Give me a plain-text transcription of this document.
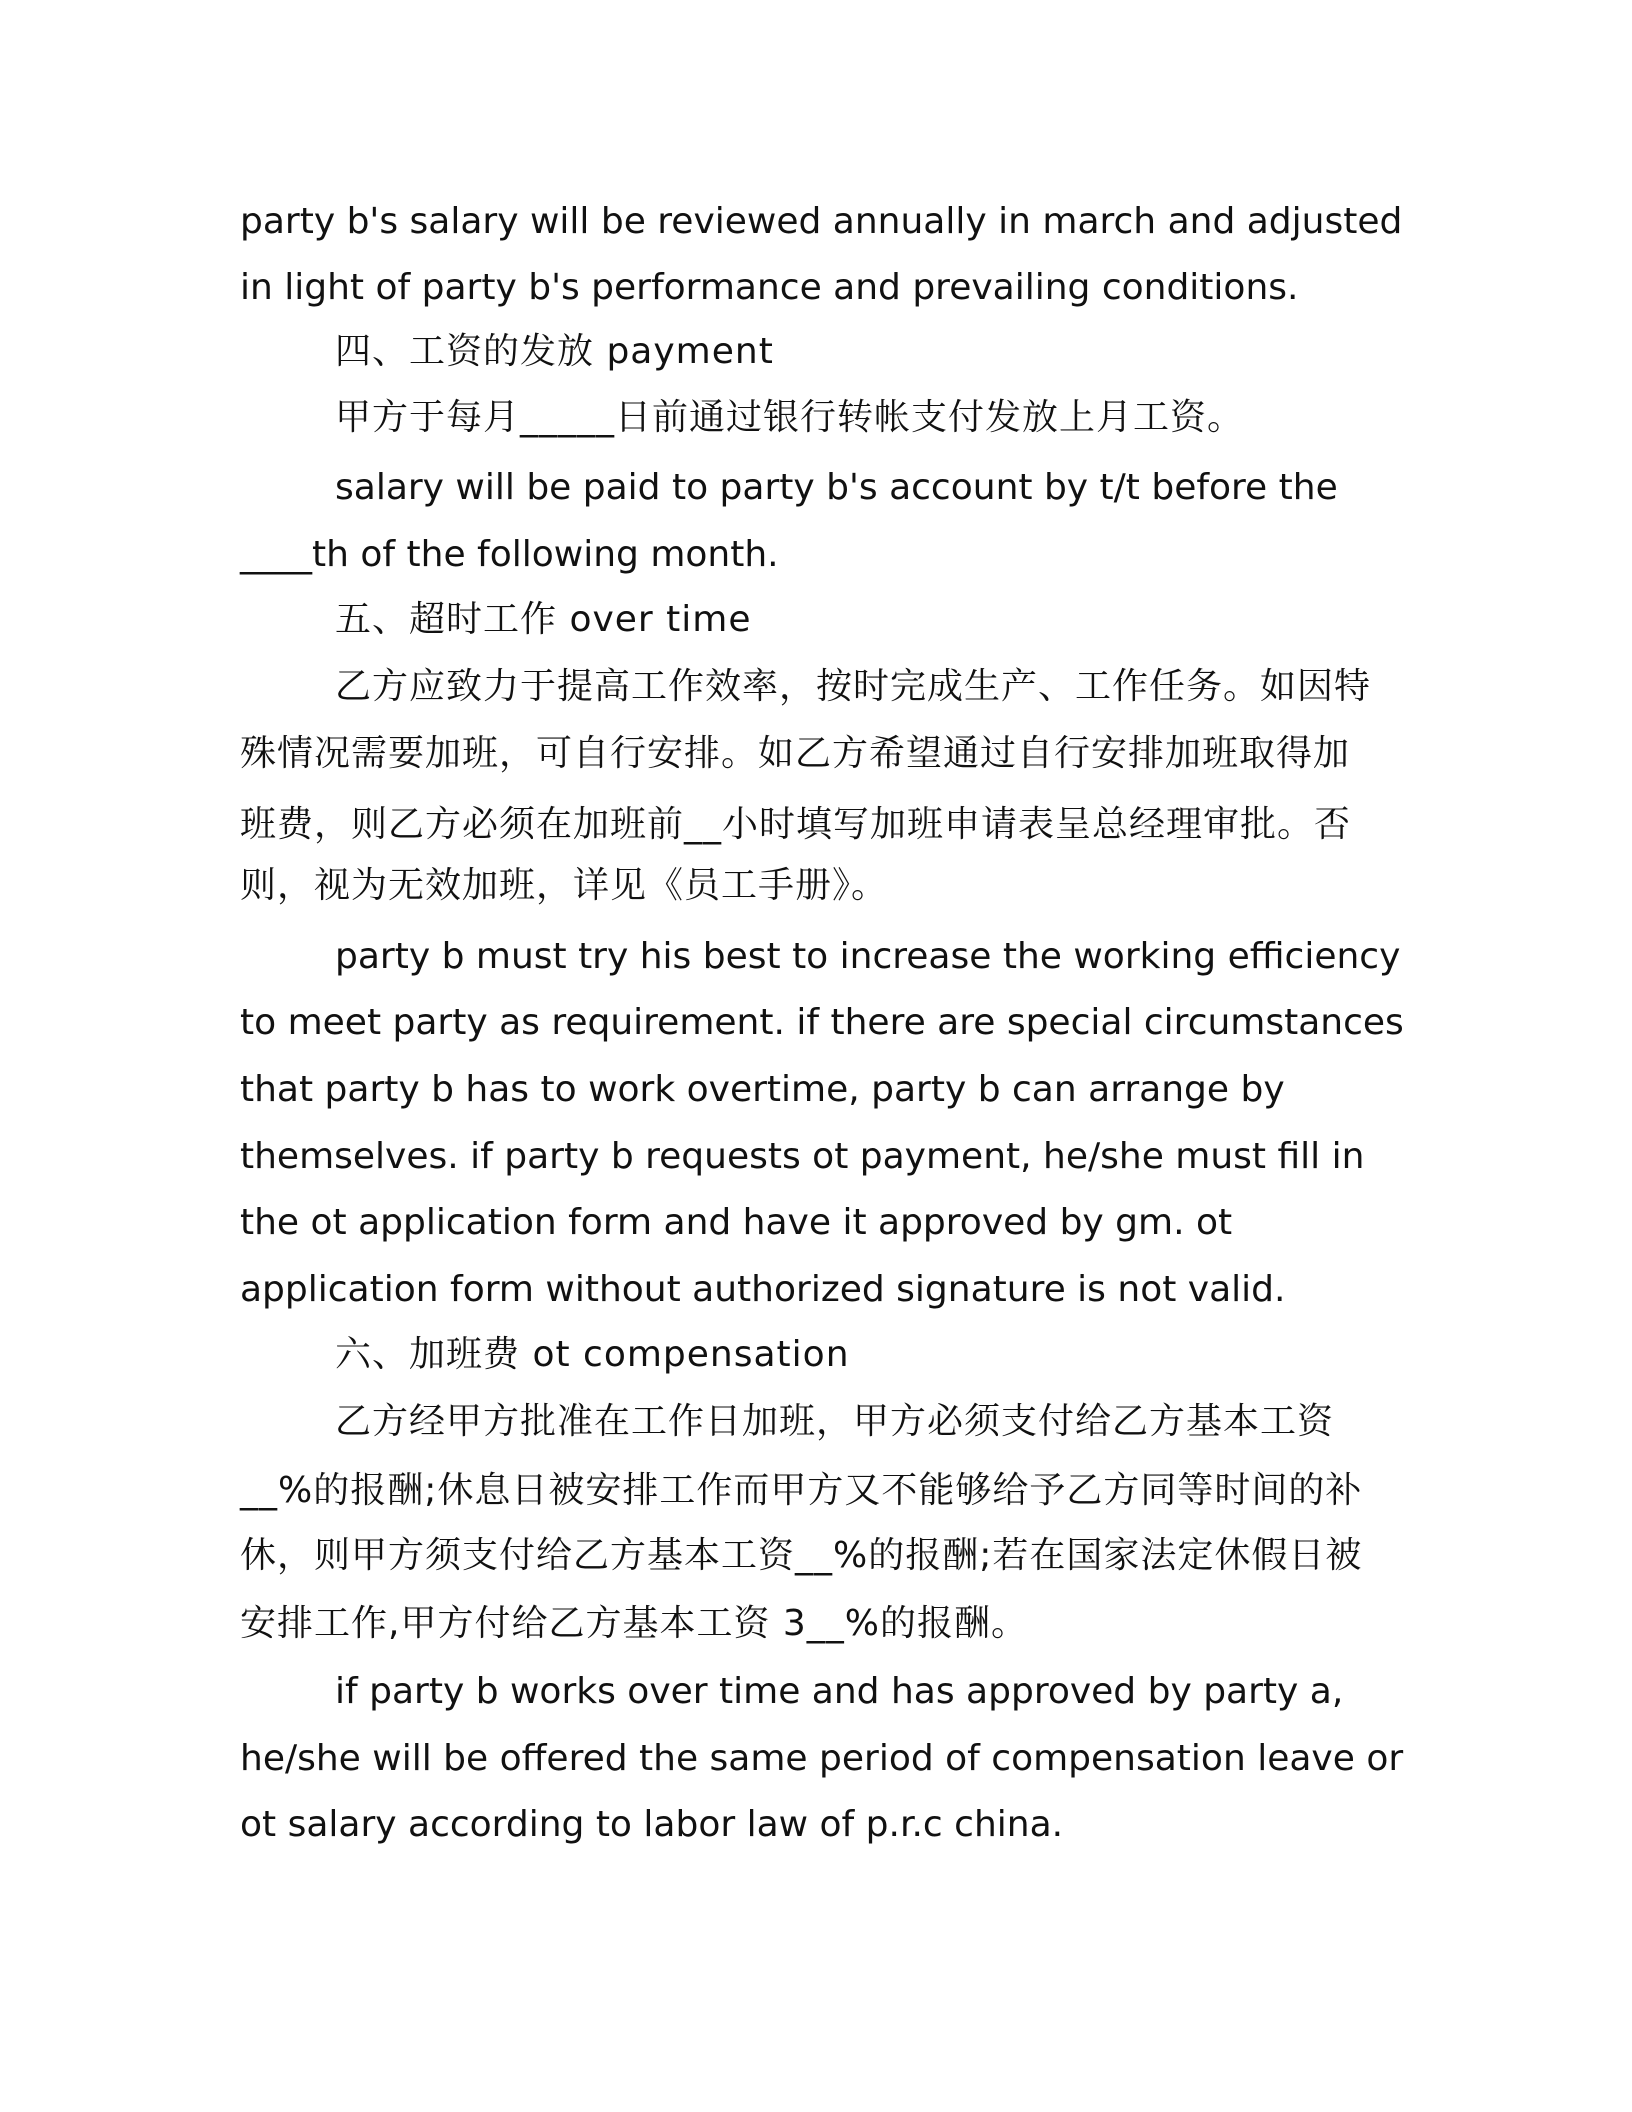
party b's salary will be reviewed annually in march and adjusted

in light of party b's performance and prevailing conditions.

四、工资的发放 payment

甲方于每月_____日前通过银行转帐支付发放上月工资。

salary will be paid to party b's account by t/t before the

____th of the following month.

五、超时工作 over time

乙方应致力于提高工作效率，按时完成生产、工作任务。如因特

殊情况需要加班，可自行安排。如乙方希望通过自行安排加班取得加

班费，则乙方必须在加班前__小时填写加班申请表呈总经理审批。否

则，视为无效加班，详见《员工手册》。

party b must try his best to increase the working efficiency

to meet party as requirement. if there are special circumstances

that party b has to work overtime, party b can arrange by

themselves. if party b requests ot payment, he/she must fill in

the ot application form and have it approved by gm. ot

application form without authorized signature is not valid.

六、加班费 ot compensation

乙方经甲方批准在工作日加班，甲方必须支付给乙方基本工资

__%的报酬;休息日被安排工作而甲方又不能够给予乙方同等时间的补

休，则甲方须支付给乙方基本工资__%的报酬;若在国家法定休假日被

安排工作,甲方付给乙方基本工资 3__%的报酬。

if party b works over time and has approved by party a,

he/she will be offered the same period of compensation leave or

ot salary according to labor law of p.r.c china.
